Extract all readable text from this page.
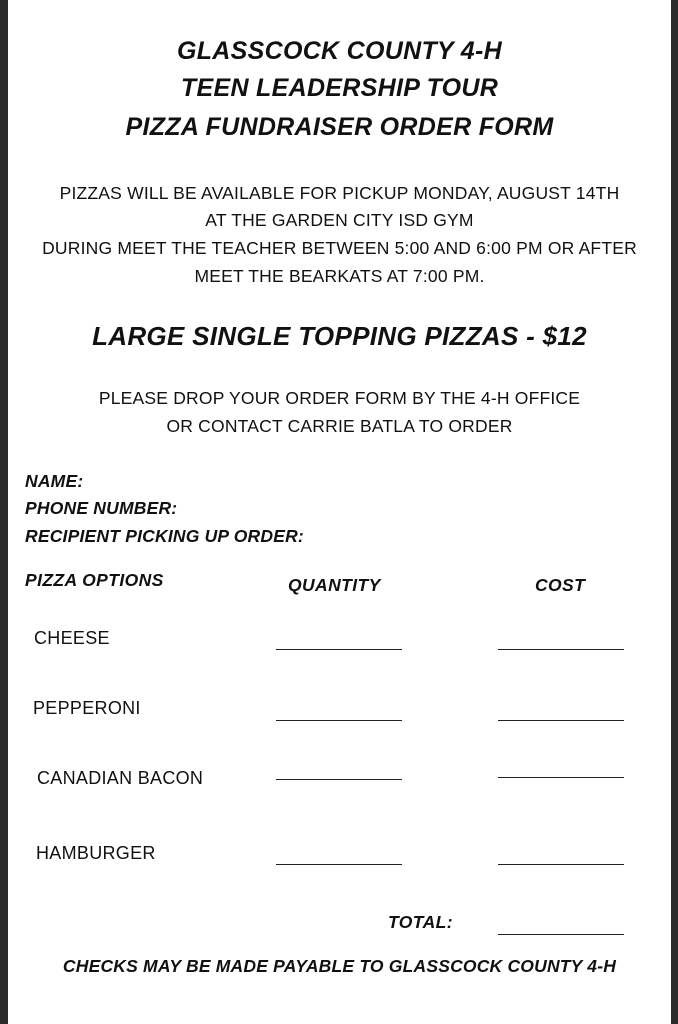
GLASSCOCK COUNTY 4-H
TEEN LEADERSHIP TOUR
PIZZA FUNDRAISER ORDER FORM
PIZZAS WILL BE AVAILABLE FOR PICKUP MONDAY, AUGUST 14TH
AT THE GARDEN CITY ISD GYM
DURING MEET THE TEACHER BETWEEN 5:00 AND 6:00 PM OR AFTER
MEET THE BEARKATS AT 7:00 PM.
LARGE SINGLE TOPPING PIZZAS - $12
PLEASE DROP YOUR ORDER FORM BY THE 4-H OFFICE
OR CONTACT CARRIE BATLA TO ORDER
NAME:
PHONE NUMBER:
RECIPIENT PICKING UP ORDER:
PIZZA OPTIONS	QUANTITY	COST
CHEESE
PEPPERONI
CANADIAN BACON
HAMBURGER
TOTAL:
CHECKS MAY BE MADE PAYABLE TO GLASSCOCK COUNTY 4-H
